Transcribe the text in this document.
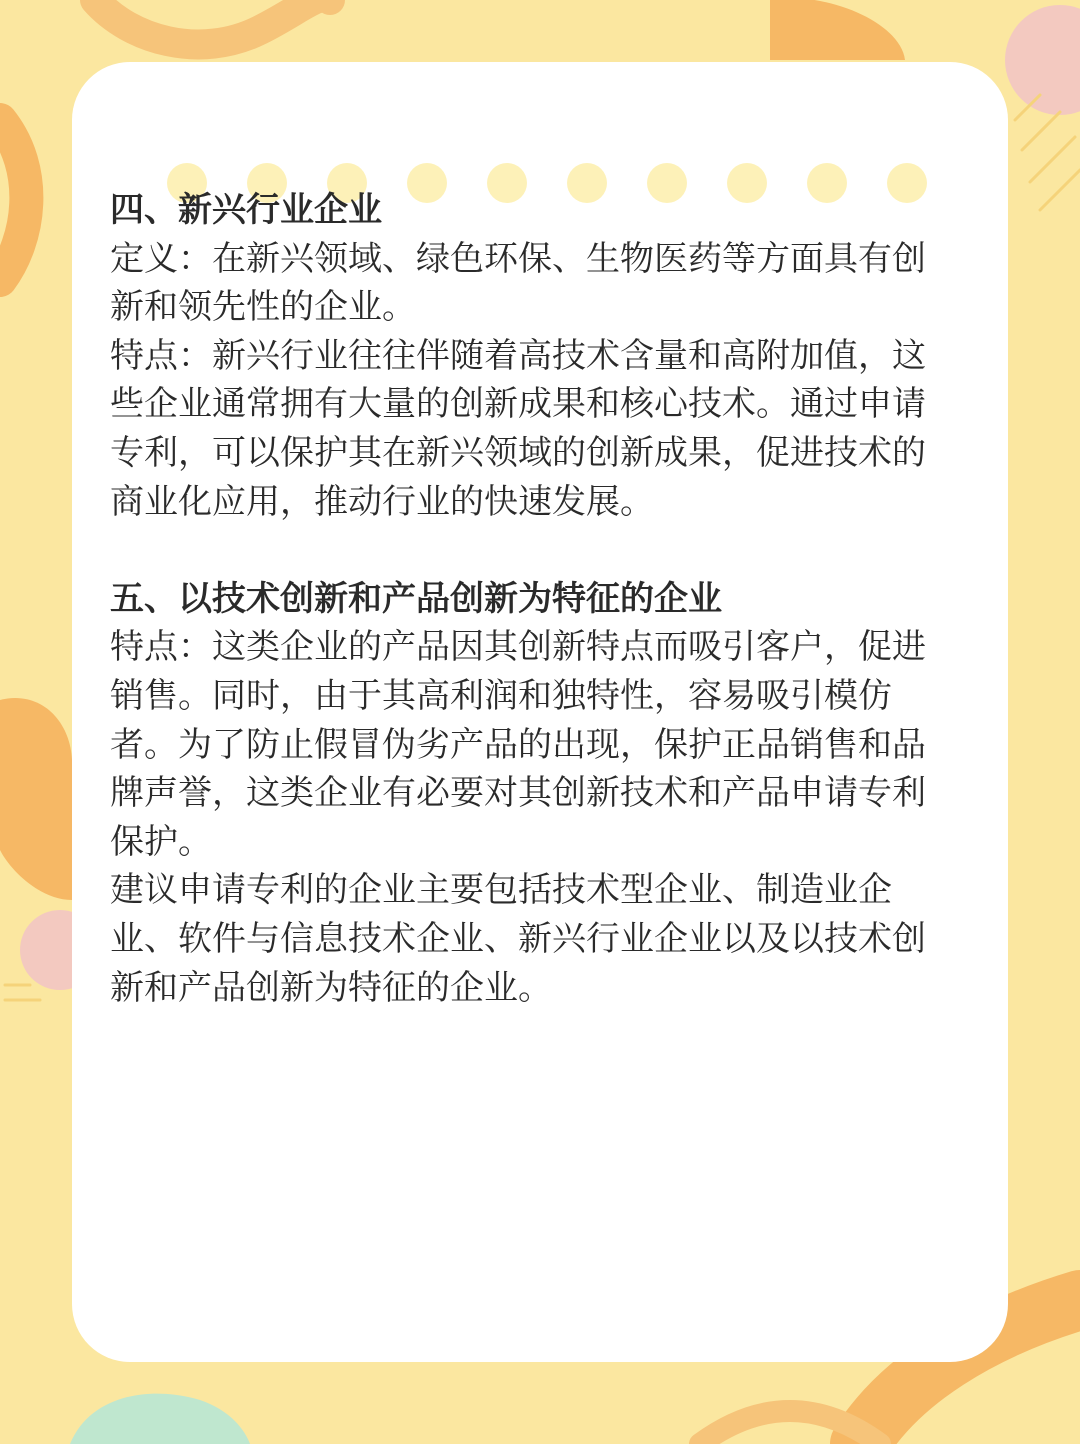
四、新兴行业企业

定义：在新兴领域、绿色环保、生物医药等方面具有创新和领先性的企业。

特点：新兴行业往往伴随着高技术含量和高附加值，这些企业通常拥有大量的创新成果和核心技术。通过申请专利，可以保护其在新兴领域的创新成果，促进技术的商业化应用，推动行业的快速发展。

五、以技术创新和产品创新为特征的企业

特点：这类企业的产品因其创新特点而吸引客户，促进销售。同时，由于其高利润和独特性，容易吸引模仿者。为了防止假冒伪劣产品的出现，保护正品销售和品牌声誉，这类企业有必要对其创新技术和产品申请专利保护。

建议申请专利的企业主要包括技术型企业、制造业企业、软件与信息技术企业、新兴行业企业以及以技术创新和产品创新为特征的企业。
